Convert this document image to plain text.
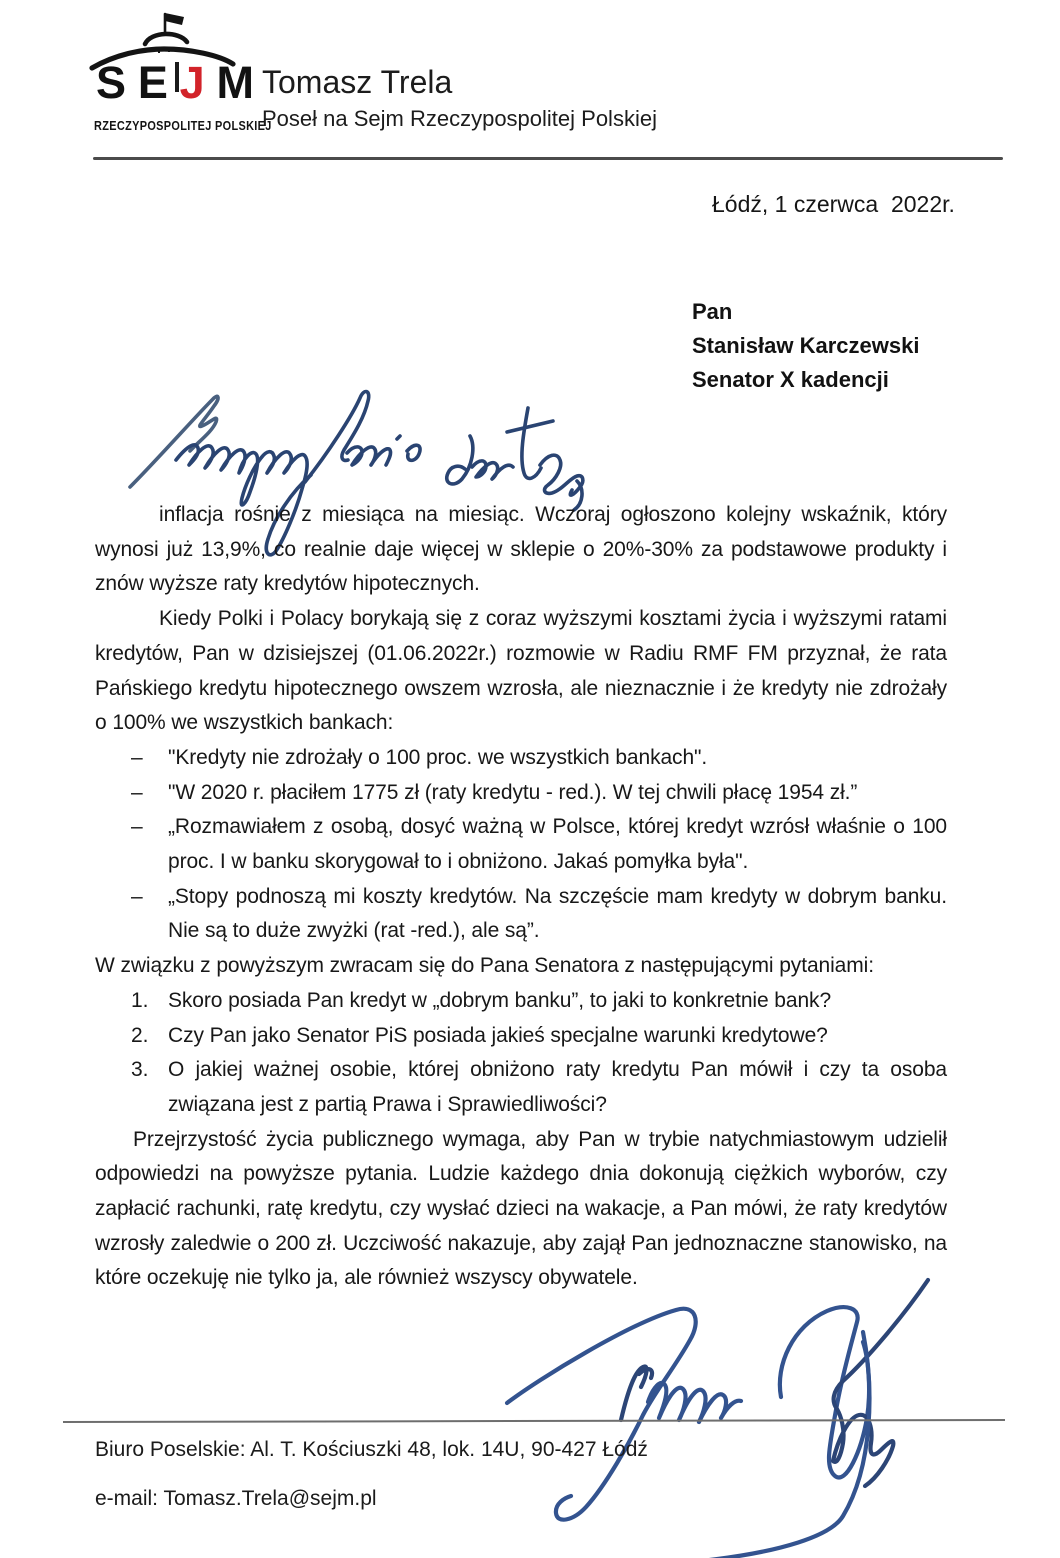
S E J M
RZECZYPOSPOLITEJ POLSKIEJ
Tomasz Trela
Poseł na Sejm Rzeczypospolitej Polskiej
Łódź, 1 czerwca  2022r.
Pan
Stanisław Karczewski
Senator X kadencji

inflacja rośnie z miesiąca na miesiąc. Wczoraj ogłoszono kolejny wskaźnik, który wynosi już 13,9%, co realnie daje więcej w sklepie o 20%-30% za podstawowe produkty i znów wyższe raty kredytów hipotecznych.

Kiedy Polki i Polacy borykają się z coraz wyższymi kosztami życia i wyższymi ratami kredytów, Pan w dzisiejszej (01.06.2022r.) rozmowie w Radiu RMF FM przyznał, że rata Pańskiego kredytu hipotecznego owszem wzrosła, ale nieznacznie i że kredyty nie zdrożały o 100% we wszystkich bankach:

– "Kredyty nie zdrożały o 100 proc. we wszystkich bankach".

– "W 2020 r. płaciłem 1775 zł (raty kredytu - red.). W tej chwili płacę 1954 zł.”

– „Rozmawiałem z osobą, dosyć ważną w Polsce, której kredyt wzrósł właśnie o 100 proc. I w banku skorygował to i obniżono. Jakaś pomyłka była".

– „Stopy podnoszą mi koszty kredytów. Na szczęście mam kredyty w dobrym banku. Nie są to duże zwyżki (rat -red.), ale są”.

W związku z powyższym zwracam się do Pana Senatora z następującymi pytaniami:

1. Skoro posiada Pan kredyt w „dobrym banku”, to jaki to konkretnie bank?

2. Czy Pan jako Senator PiS posiada jakieś specjalne warunki kredytowe?

3. O jakiej ważnej osobie, której obniżono raty kredytu Pan mówił i czy ta osoba związana jest z partią Prawa i Sprawiedliwości?

Przejrzystość życia publicznego wymaga, aby Pan w trybie natychmiastowym udzielił odpowiedzi na powyższe pytania. Ludzie każdego dnia dokonują ciężkich wyborów, czy zapłacić rachunki, ratę kredytu, czy wysłać dzieci na wakacje, a Pan mówi, że raty kredytów wzrosły zaledwie o 200 zł. Uczciwość nakazuje, aby zajął Pan jednoznaczne stanowisko, na które oczekuję nie tylko ja, ale również wszyscy obywatele.

Biuro Poselskie: Al. T. Kościuszki 48, lok. 14U, 90-427 Łódź
e-mail: Tomasz.Trela@sejm.pl
